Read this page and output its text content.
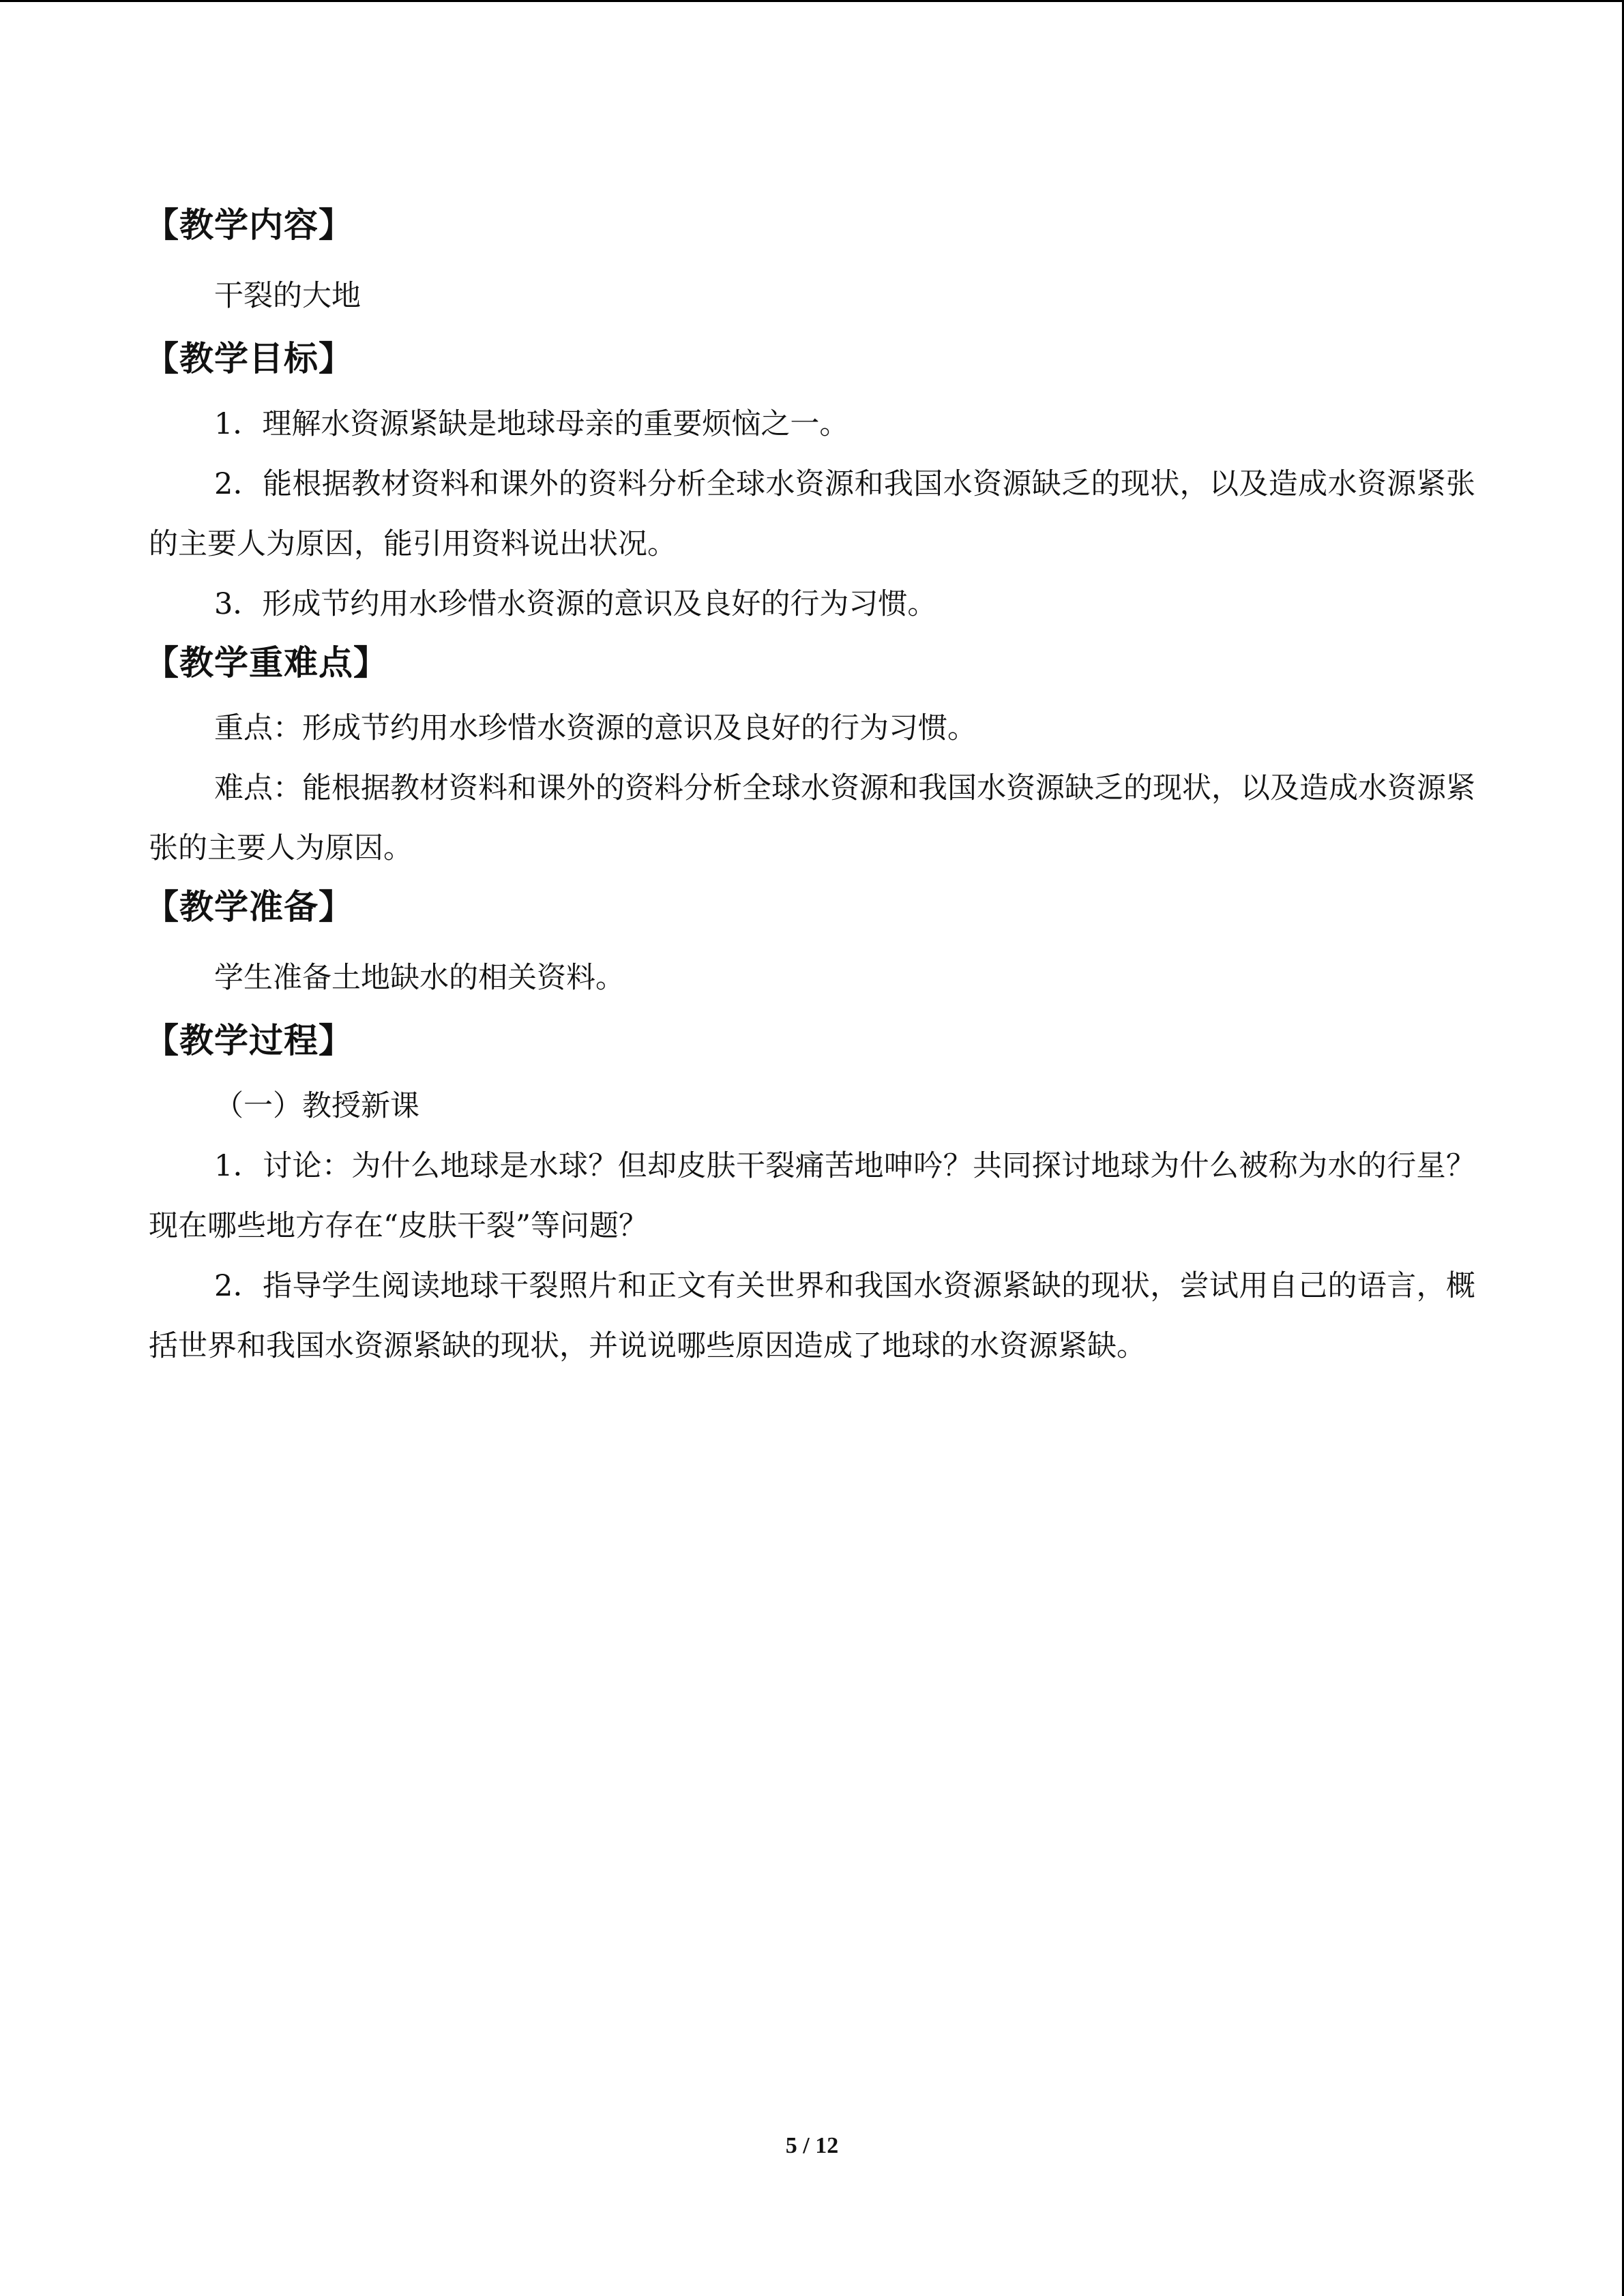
【教学内容】

干裂的大地

【教学目标】

1．理解水资源紧缺是地球母亲的重要烦恼之一。

2．能根据教材资料和课外的资料分析全球水资源和我国水资源缺乏的现状，以及造成水资源紧张的主要人为原因，能引用资料说出状况。

3．形成节约用水珍惜水资源的意识及良好的行为习惯。

【教学重难点】

重点：形成节约用水珍惜水资源的意识及良好的行为习惯。

难点：能根据教材资料和课外的资料分析全球水资源和我国水资源缺乏的现状，以及造成水资源紧张的主要人为原因。

【教学准备】

学生准备土地缺水的相关资料。

【教学过程】

（一）教授新课

1．讨论：为什么地球是水球？但却皮肤干裂痛苦地呻吟？共同探讨地球为什么被称为水的行星？现在哪些地方存在“皮肤干裂”等问题？

2．指导学生阅读地球干裂照片和正文有关世界和我国水资源紧缺的现状，尝试用自己的语言，概括世界和我国水资源紧缺的现状，并说说哪些原因造成了地球的水资源紧缺。

5 / 12
